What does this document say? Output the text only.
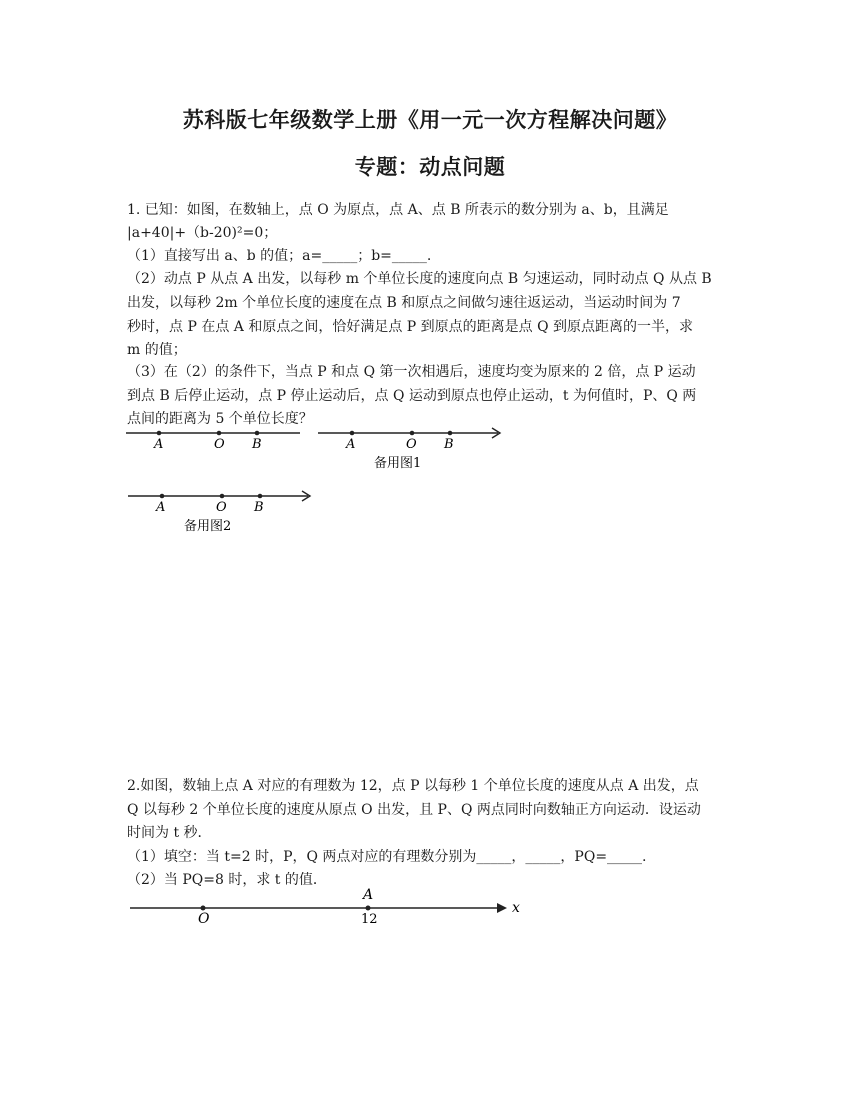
苏科版七年级数学上册《用一元一次方程解决问题》
专题：动点问题
1. 已知：如图，在数轴上，点 O 为原点，点 A、点 B 所表示的数分别为 a、b，且满足
|a+40|+（b-20)²=0；
（1）直接写出 a、b 的值；a=_____；b=_____.
（2）动点 P 从点 A 出发，以每秒 m 个单位长度的速度向点 B 匀速运动，同时动点 Q 从点 B
出发，以每秒 2m 个单位长度的速度在点 B 和原点之间做匀速往返运动，当运动时间为 7
秒时，点 P 在点 A 和原点之间，恰好满足点 P 到原点的距离是点 Q 到原点距离的一半，求
m 的值；
（3）在（2）的条件下，当点 P 和点 Q 第一次相遇后，速度均变为原来的 2 倍，点 P 运动
到点 B 后停止运动，点 P 停止运动后，点 Q 运动到原点也停止运动，t 为何值时，P、Q 两
点间的距离为 5 个单位长度？
A	O B	A	O B
备用图1
A	O B
备用图2
2.如图，数轴上点 A 对应的有理数为 12，点 P 以每秒 1 个单位长度的速度从点 A 出发，点
Q 以每秒 2 个单位长度的速度从原点 O 出发，且 P、Q 两点同时向数轴正方向运动．设运动
时间为 t 秒．
（1）填空：当 t=2 时，P，Q 两点对应的有理数分别为_____，_____，PQ=_____.
（2）当 PQ=8 时，求 t 的值．
A
O	12
x
